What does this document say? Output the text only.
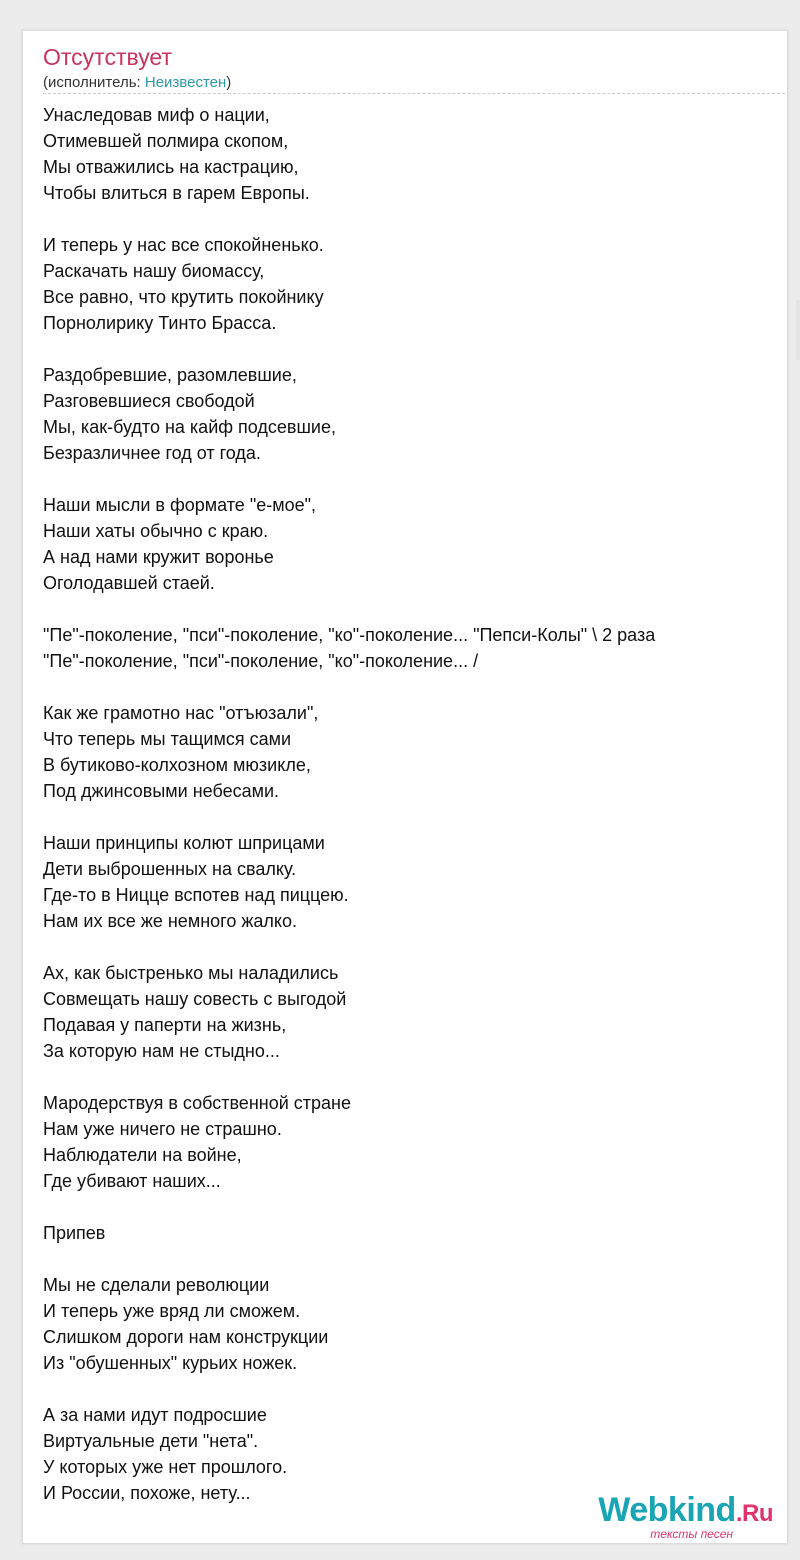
Отсутствует
(исполнитель: Неизвестен)
Унаследовав миф о нации,
Отимевшей полмира скопом,
Мы отважились на кастрацию,
Чтобы влиться в гарем Европы.
И теперь у нас все спокойненько.
Раскачать нашу биомассу,
Все равно, что крутить покойнику
Порнолирику Тинто Брасса.
Раздобревшие, разомлевшие,
Разговевшиеся свободой
Мы, как-будто на кайф подсевшие,
Безразличнее год от года.
Наши мысли в формате "е-мое",
Наши хаты обычно с краю.
А над нами кружит воронье
Оголодавшей стаей.
"Пе"-поколение, "пси"-поколение, "ко"-поколение... "Пепси-Колы" \ 2 раза
"Пе"-поколение, "пси"-поколение, "ко"-поколение... /
Как же грамотно нас "отъюзали",
Что теперь мы тащимся сами
В бутиково-колхозном мюзикле,
Под джинсовыми небесами.
Наши принципы колют шприцами
Дети выброшенных на свалку.
Где-то в Ницце вспотев над пиццею.
Нам их все же немного жалко.
Ах, как быстренько мы наладились
Совмещать нашу совесть с выгодой
Подавая у паперти на жизнь,
За которую нам не стыдно...
Мародерствуя в собственной стране
Нам уже ничего не страшно.
Наблюдатели на войне,
Где убивают наших...
Припев
Мы не сделали революции
И теперь уже вряд ли сможем.
Слишком дороги нам конструкции
Из "обушенных" курьих ножек.
А за нами идут подросшие
Виртуальные дети "нета".
У которых уже нет прошлого.
И России, похоже, нету...	Webkind.Ru
тексты песен
